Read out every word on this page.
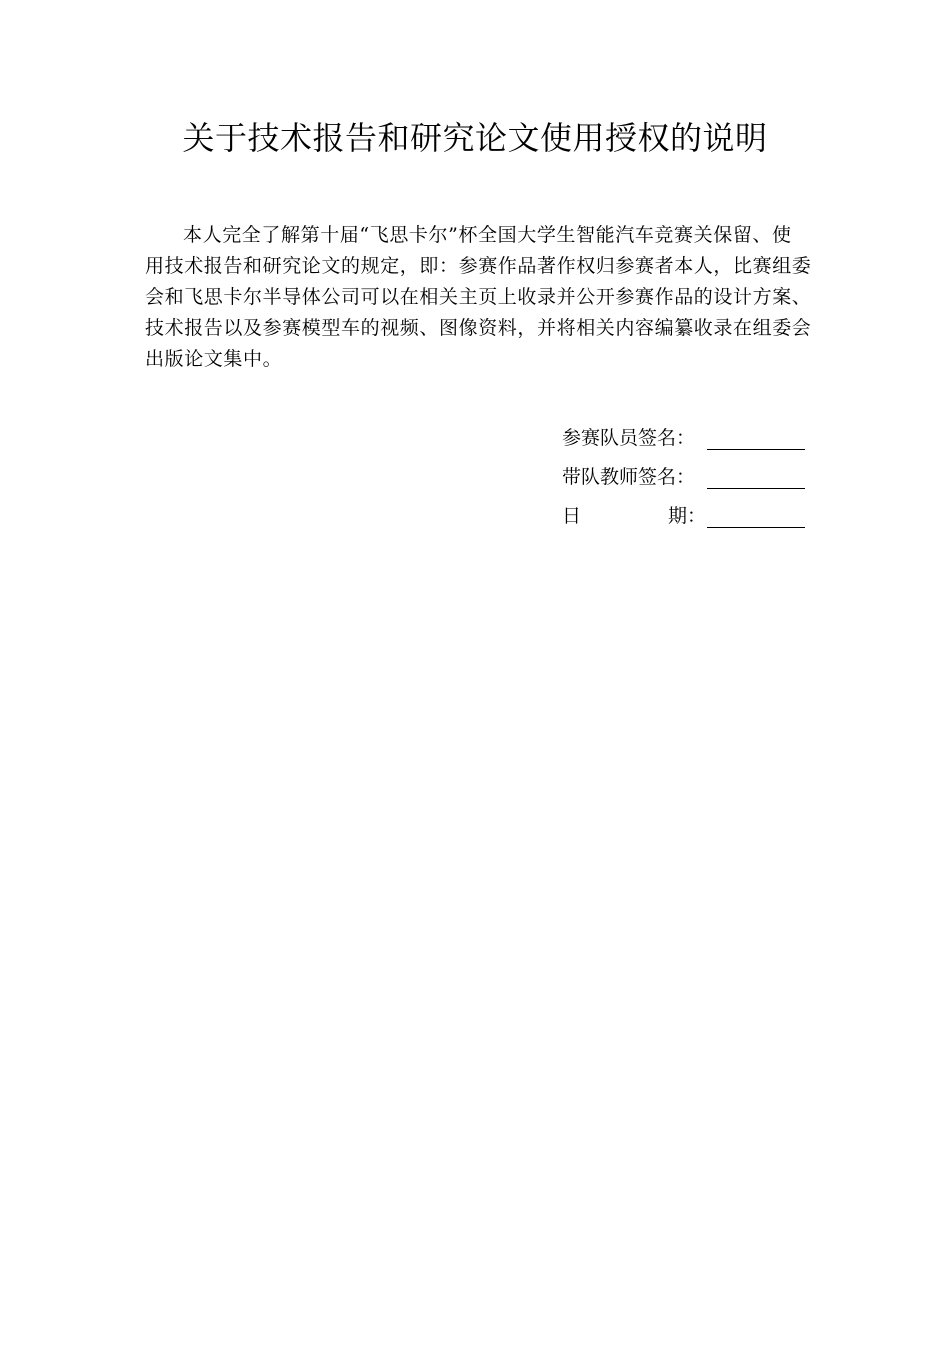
关于技术报告和研究论文使用授权的说明
本人完全了解第十届“飞思卡尔”杯全国大学生智能汽车竞赛关保留、使
用技术报告和研究论文的规定，即：参赛作品著作权归参赛者本人，比赛组委
会和飞思卡尔半导体公司可以在相关主页上收录并公开参赛作品的设计方案、
技术报告以及参赛模型车的视频、图像资料，并将相关内容编纂收录在组委会
出版论文集中。
参赛队员签名：
带队教师签名：
日	期：
